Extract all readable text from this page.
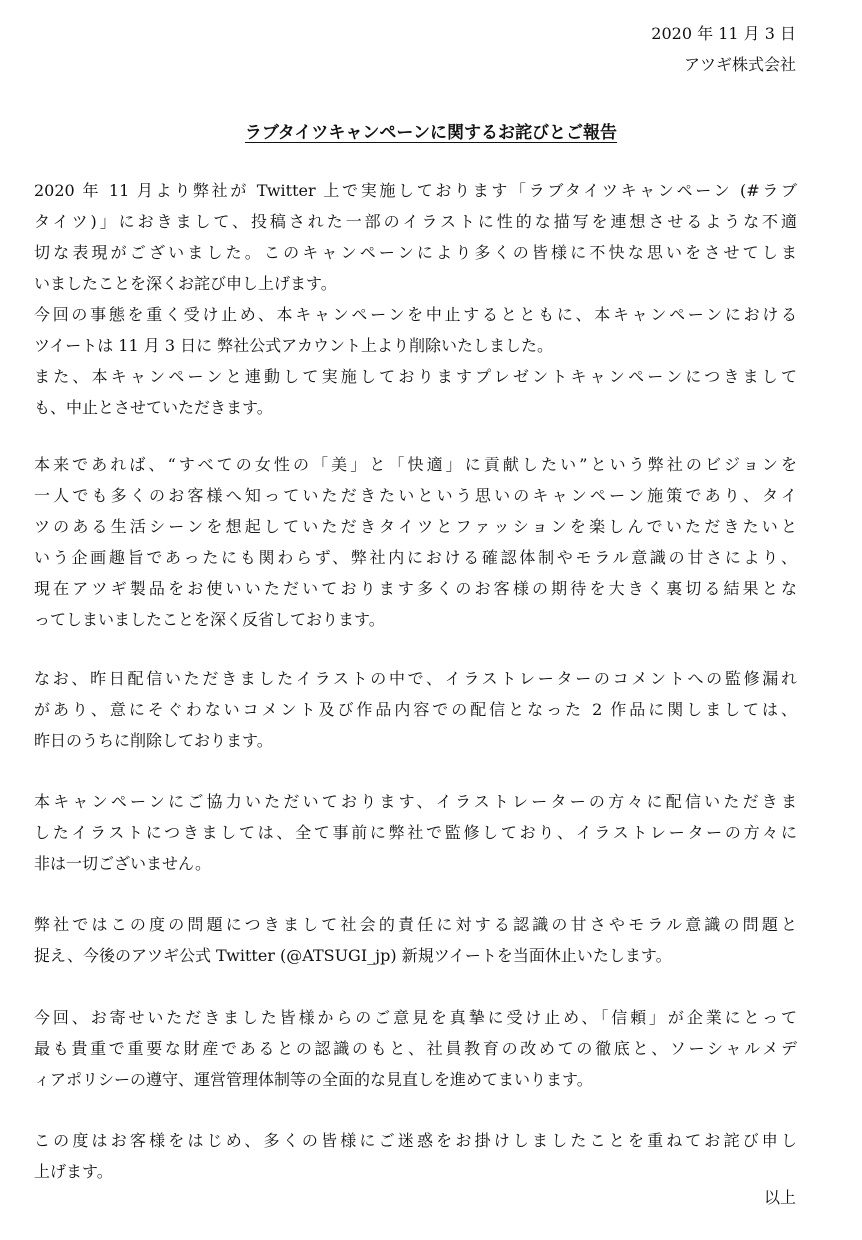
2020 年 11 月 3 日
アツギ株式会社
ラブタイツキャンペーンに関するお詫びとご報告
2020 年 11 月より弊社が Twitter 上で実施しております「ラブタイツキャンペーン (#ラブ
タイツ)」におきまして、投稿された一部のイラストに性的な描写を連想させるような不適
切な表現がございました。このキャンペーンにより多くの皆様に不快な思いをさせてしま
いましたことを深くお詫び申し上げます。
今回の事態を重く受け止め、本キャンペーンを中止するとともに、本キャンペーンにおける
ツイートは 11 月 3 日に 弊社公式アカウント上より削除いたしました。
また、本キャンペーンと連動して実施しておりますプレゼントキャンペーンにつきまして
も、中止とさせていただきます。
本来であれば、“すべての女性の「美」と「快適」に貢献したい”という弊社のビジョンを
一人でも多くのお客様へ知っていただきたいという思いのキャンペーン施策であり、タイ
ツのある生活シーンを想起していただきタイツとファッションを楽しんでいただきたいと
いう企画趣旨であったにも関わらず、弊社内における確認体制やモラル意識の甘さにより、
現在アツギ製品をお使いいただいております多くのお客様の期待を大きく裏切る結果とな
ってしまいましたことを深く反省しております。
なお、昨日配信いただきましたイラストの中で、イラストレーターのコメントへの監修漏れ
があり、意にそぐわないコメント及び作品内容での配信となった 2 作品に関しましては、
昨日のうちに削除しております。
本キャンペーンにご協力いただいております、イラストレーターの方々に配信いただきま
したイラストにつきましては、全て事前に弊社で監修しており、イラストレーターの方々に
非は一切ございません。
弊社ではこの度の問題につきまして社会的責任に対する認識の甘さやモラル意識の問題と
捉え、今後のアツギ公式 Twitter (@ATSUGI_jp) 新規ツイートを当面休止いたします。
今回、お寄せいただきました皆様からのご意見を真摯に受け止め、「信頼」が企業にとって
最も貴重で重要な財産であるとの認識のもと、社員教育の改めての徹底と、ソーシャルメデ
ィアポリシーの遵守、運営管理体制等の全面的な見直しを進めてまいります。
この度はお客様をはじめ、多くの皆様にご迷惑をお掛けしましたことを重ねてお詫び申し
上げます。
以上
